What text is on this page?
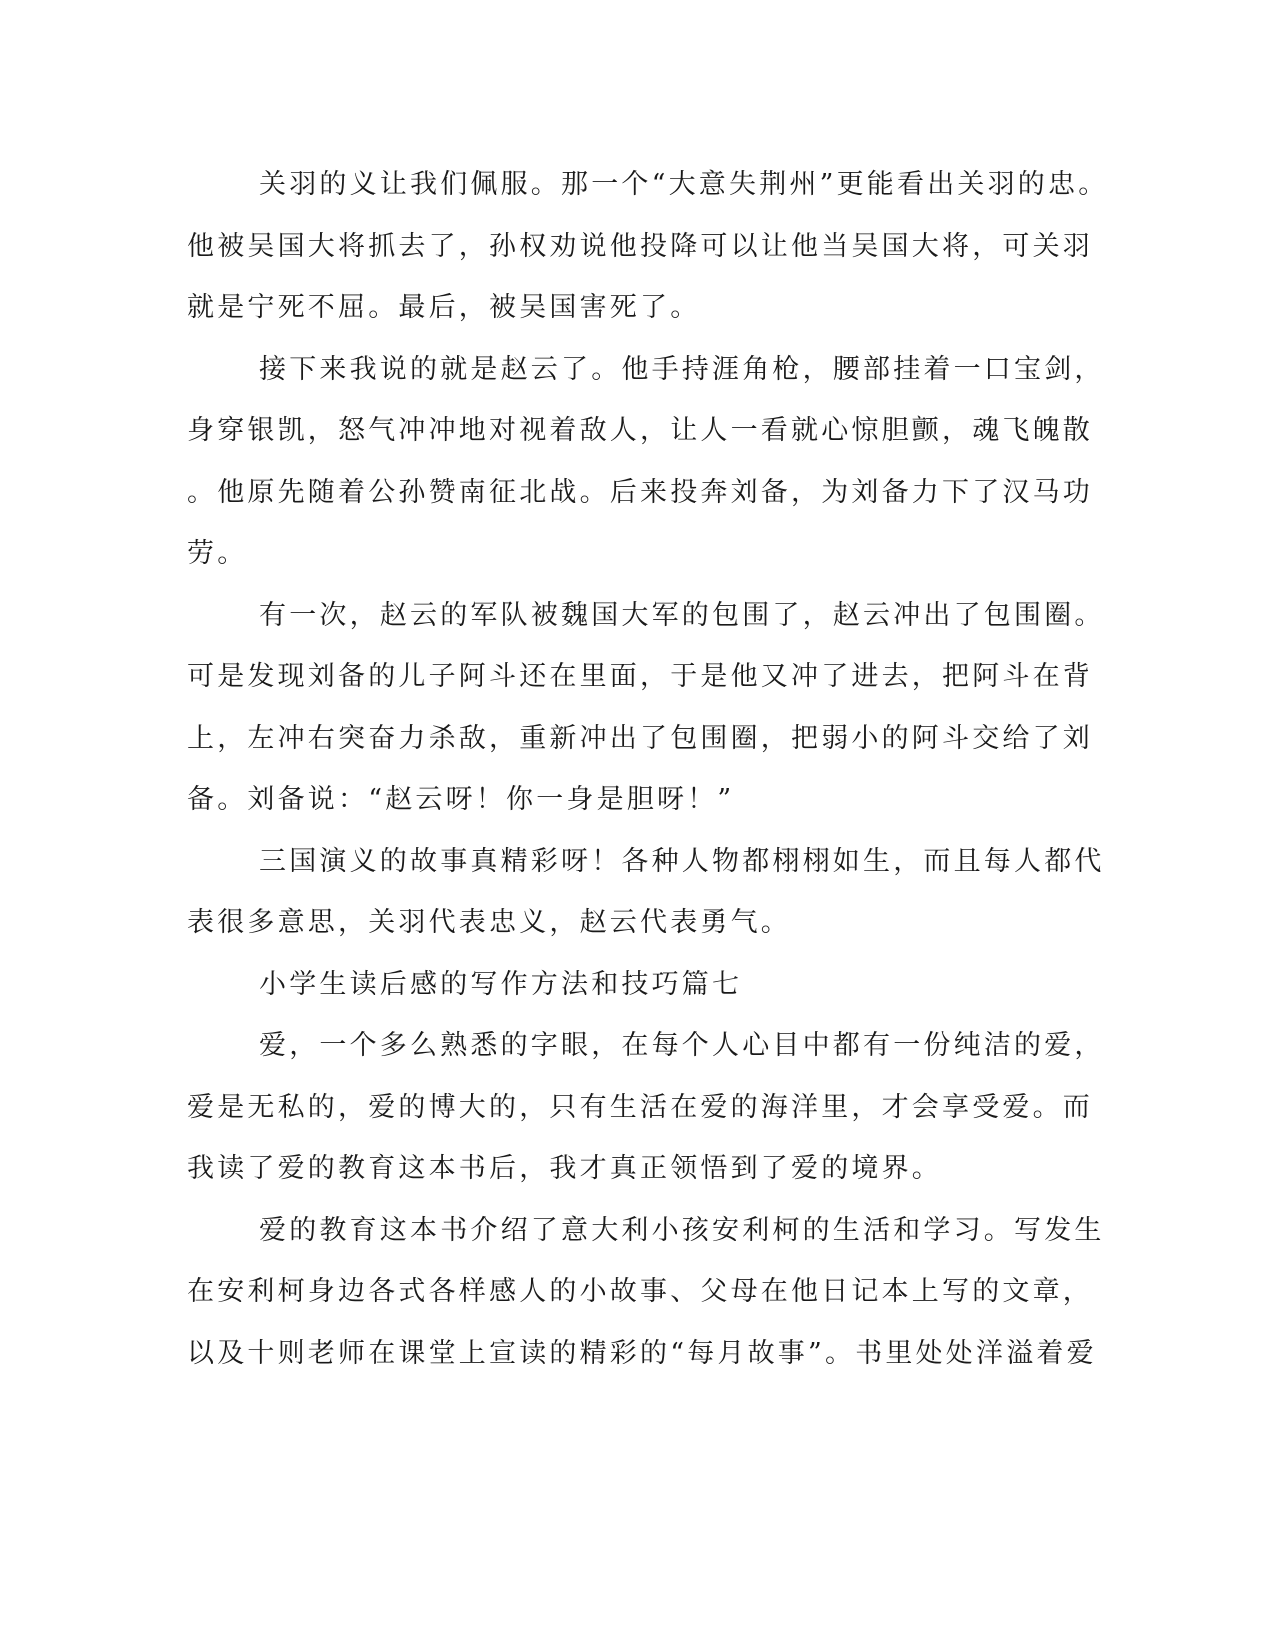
关羽的义让我们佩服。那一个“大意失荆州”更能看出关羽的忠。
他被吴国大将抓去了，孙权劝说他投降可以让他当吴国大将，可关羽
就是宁死不屈。最后，被吴国害死了。
接下来我说的就是赵云了。他手持涯角枪，腰部挂着一口宝剑，
身穿银凯，怒气冲冲地对视着敌人，让人一看就心惊胆颤，魂飞魄散
。他原先随着公孙赞南征北战。后来投奔刘备，为刘备力下了汉马功
劳。
有一次，赵云的军队被魏国大军的包围了，赵云冲出了包围圈。
可是发现刘备的儿子阿斗还在里面，于是他又冲了进去，把阿斗在背
上，左冲右突奋力杀敌，重新冲出了包围圈，把弱小的阿斗交给了刘
备。刘备说：“赵云呀！你一身是胆呀！”
三国演义的故事真精彩呀！各种人物都栩栩如生，而且每人都代
表很多意思，关羽代表忠义，赵云代表勇气。
小学生读后感的写作方法和技巧篇七
爱，一个多么熟悉的字眼，在每个人心目中都有一份纯洁的爱，
爱是无私的，爱的博大的，只有生活在爱的海洋里，才会享受爱。而
我读了爱的教育这本书后，我才真正领悟到了爱的境界。
爱的教育这本书介绍了意大利小孩安利柯的生活和学习。写发生
在安利柯身边各式各样感人的小故事、父母在他日记本上写的文章，
以及十则老师在课堂上宣读的精彩的“每月故事”。书里处处洋溢着爱
